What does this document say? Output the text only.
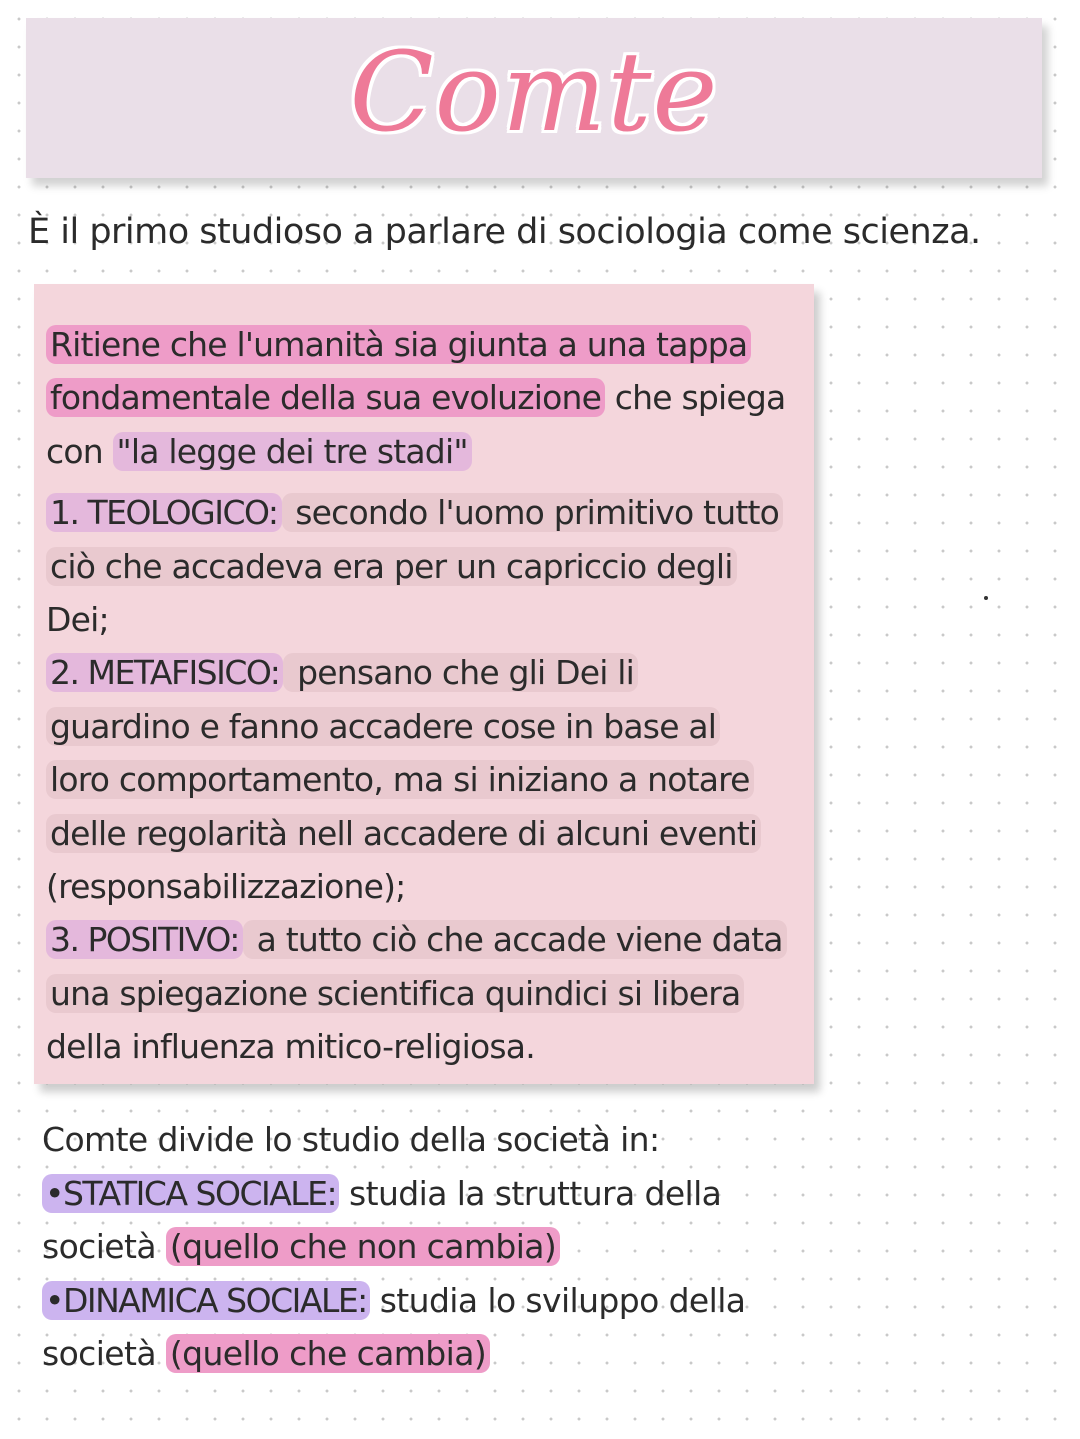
Comte
È il primo studioso a parlare di sociologia come scienza.
Ritiene che l'umanità sia giunta a una tappa
fondamentale della sua evoluzione che spiega
con "la legge dei tre stadi"
1. TEOLOGICO: secondo l'uomo primitivo tutto
ciò che accadeva era per un capriccio degli
Dei;
2. METAFISICO: pensano che gli Dei li
guardino e fanno accadere cose in base al
loro comportamento, ma si iniziano a notare
delle regolarità nell accadere di alcuni eventi
(responsabilizzazione);
3. POSITIVO: a tutto ciò che accade viene data
una spiegazione scientifica quindici si libera
della influenza mitico-religiosa.
Comte divide lo studio della società in:
•STATICA SOCIALE: studia la struttura della
società (quello che non cambia)
•DINAMICA SOCIALE: studia lo sviluppo della
società (quello che cambia)
